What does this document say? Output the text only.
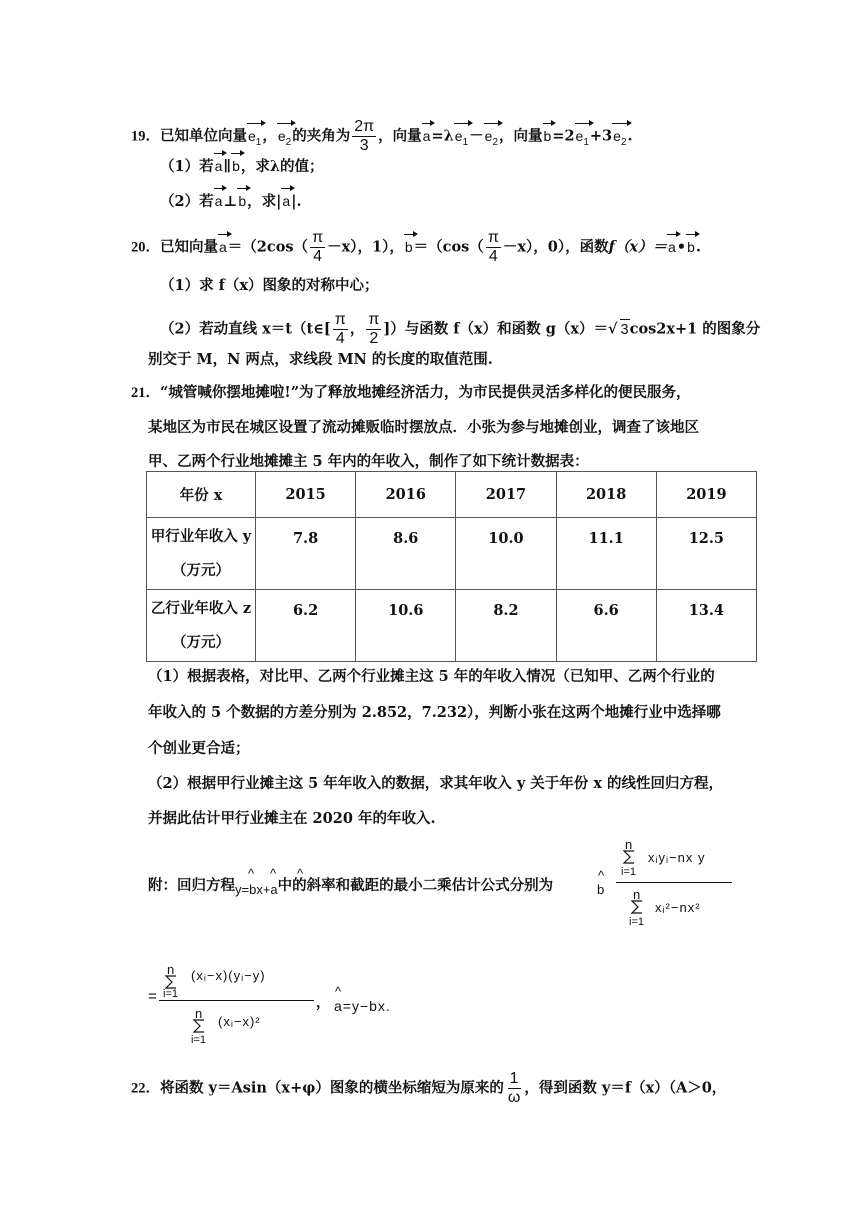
19．已知单位向量$e_1$，$e_2$的夹角为 $\frac{2\pi}{3}$ ，向量$a=\lambda e_1-e_2$，向量$b=2e_1+3e_2$.
（1）若a∥b，求λ的值；
（2）若a⊥b，求|a|.
20．已知向量$a=(2\cos( \frac{\pi}{4} -x)$，1），$b=(\cos( \frac{\pi}{4} -x)$，0），函数f（x）＝a•b.
（1）求 f（x）图象的对称中心；
（2）若动直线 x＝t（t∈[ $\frac{\pi}{4}$ ， $\frac{\pi}{2}$ ]）与函数 f（x）和函数 g（x）＝√ 3cos2x+1 的图象分
别交于 M，N 两点，求线段 MN 的长度的取值范围.
21．“城管喊你摆地摊啦!”为了释放地摊经济活力，为市民提供灵活多样化的便民服务，
某地区为市民在城区设置了流动摊贩临时摆放点．小张为参与地摊创业，调查了该地区
甲、乙两个行业地摊摊主 5 年内的年收入，制作了如下统计数据表：
年份 x	2015	2016	2017	2018	2019

甲行业年收入 y
（万元）	7.8	8.6	10.0	11.1	12.5

乙行业年收入 z
（万元）	6.2	10.6	8.2	6.6	13.4
（1）根据表格，对比甲、乙两个行业摊主这 5 年的年收入情况（已知甲、乙两个行业的
年收入的 5 个数据的方差分别为 2.852，7.232），判断小张在这两个地摊行业中选择哪
个创业更合适；
（2）根据甲行业摊主这 5 年年收入的数据，求其年收入 y 关于年份 x 的线性回归方程，
并据此估计甲行业摊主在 2020 年的年收入.
附：回归方程y=bx+a中的斜率和截距的最小二乘估计公式分别为
^ ^ ^	^
b
n
i=1
xᵢyᵢ−nx y
n
i=1
xᵢ²−nx²
=
n
i=1
(xᵢ−x)(yᵢ−y)
n
i=1
(xᵢ−x)²
，
^
a=y−bx.
22．将函数 y＝Asin（x+φ）图象的横坐标缩短为原来的 $\frac{1}{\omega}$ ，得到函数 y＝f（x）（A＞0，
